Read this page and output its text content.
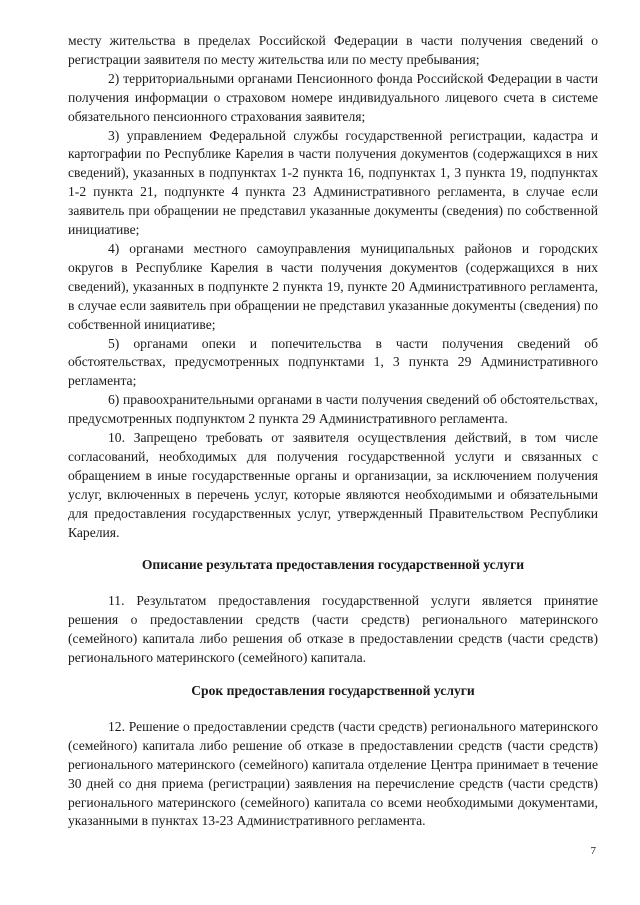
месту жительства в пределах Российской Федерации в части получения сведений о регистрации заявителя по месту жительства или по месту пребывания;

2) территориальными органами Пенсионного фонда Российской Федерации в части получения информации о страховом номере индивидуального лицевого счета в системе обязательного пенсионного страхования заявителя;

3) управлением Федеральной службы государственной регистрации, кадастра и картографии по Республике Карелия в части получения документов (содержащихся в них сведений), указанных в подпунктах 1-2 пункта 16, подпунктах 1, 3 пункта 19, подпунктах 1-2 пункта 21, подпункте 4 пункта 23 Административного регламента, в случае если заявитель при обращении не представил указанные документы (сведения) по собственной инициативе;

4) органами местного самоуправления муниципальных районов и городских округов в Республике Карелия в части получения документов (содержащихся в них сведений), указанных в подпункте 2 пункта 19, пункте 20 Административного регламента, в случае если заявитель при обращении не представил указанные документы (сведения) по собственной инициативе;

5) органами опеки и попечительства в части получения сведений об обстоятельствах, предусмотренных подпунктами 1, 3 пункта 29 Административного регламента;

6) правоохранительными органами в части получения сведений об обстоятельствах, предусмотренных подпунктом 2 пункта 29 Административного регламента.

10. Запрещено требовать от заявителя осуществления действий, в том числе согласований, необходимых для получения государственной услуги и связанных с обращением в иные государственные органы и организации, за исключением получения услуг, включенных в перечень услуг, которые являются необходимыми и обязательными для предоставления государственных услуг, утвержденный Правительством Республики Карелия.

Описание результата предоставления государственной услуги

11. Результатом предоставления государственной услуги является принятие решения о предоставлении средств (части средств) регионального материнского (семейного) капитала либо решения об отказе в предоставлении средств (части средств) регионального материнского (семейного) капитала.

Срок предоставления государственной услуги

12. Решение о предоставлении средств (части средств) регионального материнского (семейного) капитала либо решение об отказе в предоставлении средств (части средств) регионального материнского (семейного) капитала отделение Центра принимает в течение 30 дней со дня приема (регистрации) заявления на перечисление средств (части средств) регионального материнского (семейного) капитала со всеми необходимыми документами, указанными в пунктах 13-23 Административного регламента.

7
